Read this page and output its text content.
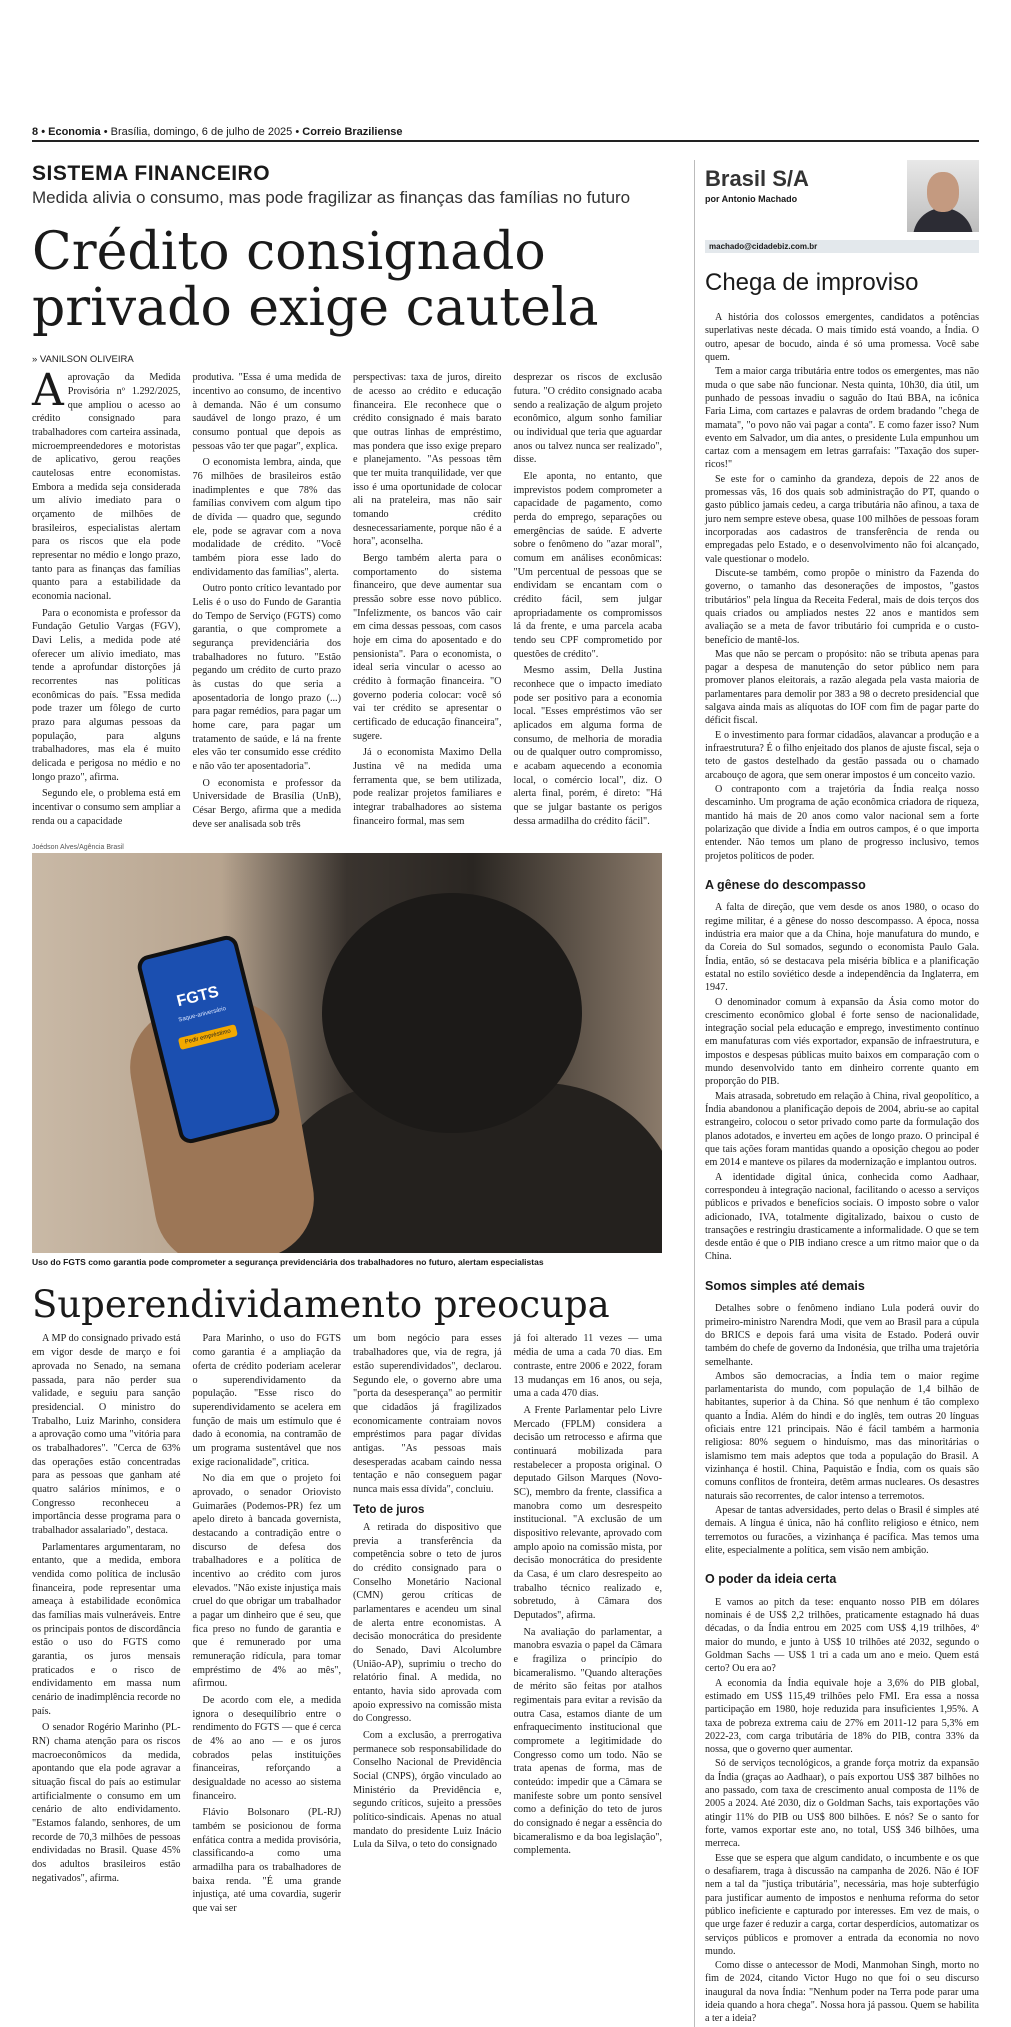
8 • Economia • Brasília, domingo, 6 de julho de 2025 • Correio Braziliense
SISTEMA FINANCEIRO
Medida alivia o consumo, mas pode fragilizar as finanças das famílias no futuro
Crédito consignado privado exige cautela
» VANILSON OLIVEIRA
A aprovação da Medida Provisória nº 1.292/2025, que ampliou o acesso ao crédito consignado para trabalhadores com carteira assinada, microempreendedores e motoristas de aplicativo, gerou reações cautelosas entre economistas. Embora a medida seja considerada um alívio imediato para o orçamento de milhões de brasileiros, especialistas alertam para os riscos que ela pode representar no médio e longo prazo, tanto para as finanças das famílias quanto para a estabilidade da economia nacional.

Para o economista e professor da Fundação Getulio Vargas (FGV), Davi Lelis, a medida pode até oferecer um alívio imediato, mas tende a aprofundar distorções já recorrentes nas políticas econômicas do país. "Essa medida pode trazer um fôlego de curto prazo para algumas pessoas da população, para alguns trabalhadores, mas ela é muito delicada e perigosa no médio e no longo prazo", afirma.

Segundo ele, o problema está em incentivar o consumo sem ampliar a renda ou a capacidade

produtiva. "Essa é uma medida de incentivo ao consumo, de incentivo à demanda. Não é um consumo saudável de longo prazo, é um consumo pontual que depois as pessoas vão ter que pagar", explica.

O economista lembra, ainda, que 76 milhões de brasileiros estão inadimplentes e que 78% das famílias convivem com algum tipo de dívida — quadro que, segundo ele, pode se agravar com a nova modalidade de crédito. "Você também piora esse lado do endividamento das famílias", alerta.

Outro ponto crítico levantado por Lelis é o uso do Fundo de Garantia do Tempo de Serviço (FGTS) como garantia, o que compromete a segurança previdenciária dos trabalhadores no futuro. "Estão pegando um crédito de curto prazo às custas do que seria a aposentadoria de longo prazo (...) para pagar remédios, para pagar um home care, para pagar um tratamento de saúde, e lá na frente eles vão ter consumido esse crédito e não vão ter aposentadoria".

O economista e professor da Universidade de Brasília (UnB), César Bergo, afirma que a medida deve ser analisada sob três

perspectivas: taxa de juros, direito de acesso ao crédito e educação financeira. Ele reconhece que o crédito consignado é mais barato que outras linhas de empréstimo, mas pondera que isso exige preparo e planejamento. "As pessoas têm que ter muita tranquilidade, ver que isso é uma oportunidade de colocar ali na prateleira, mas não sair tomando crédito desnecessariamente, porque não é a hora", aconselha.

Bergo também alerta para o comportamento do sistema financeiro, que deve aumentar sua pressão sobre esse novo público. "Infelizmente, os bancos vão cair em cima dessas pessoas, com casos hoje em cima do aposentado e do pensionista". Para o economista, o ideal seria vincular o acesso ao crédito à formação financeira. "O governo poderia colocar: você só vai ter crédito se apresentar o certificado de educação financeira", sugere.

Já o economista Maximo Della Justina vê na medida uma ferramenta que, se bem utilizada, pode realizar projetos familiares e integrar trabalhadores ao sistema financeiro formal, mas sem

desprezar os riscos de exclusão futura. "O crédito consignado acaba sendo a realização de algum projeto econômico, algum sonho familiar ou individual que teria que aguardar anos ou talvez nunca ser realizado", disse.

Ele aponta, no entanto, que imprevistos podem comprometer a capacidade de pagamento, como perda do emprego, separações ou emergências de saúde. E adverte sobre o fenômeno do "azar moral", comum em análises econômicas: "Um percentual de pessoas que se endividam se encantam com o crédito fácil, sem julgar apropriadamente os compromissos lá da frente, e uma parcela acaba tendo seu CPF comprometido por questões de crédito".

Mesmo assim, Della Justina reconhece que o impacto imediato pode ser positivo para a economia local. "Esses empréstimos vão ser aplicados em alguma forma de consumo, de melhoria de moradia ou de qualquer outro compromisso, e acabam aquecendo a economia local, o comércio local", diz. O alerta final, porém, é direto: "Há que se julgar bastante os perigos dessa armadilha do crédito fácil".

Joédson Alves/Agência Brasil
FGTS
Saque-aniversário
Pedir empréstimo
Uso do FGTS como garantia pode comprometer a segurança previdenciária dos trabalhadores no futuro, alertam especialistas
Superendividamento preocupa

A MP do consignado privado está em vigor desde de março e foi aprovada no Senado, na semana passada, para não perder sua validade, e seguiu para sanção presidencial. O ministro do Trabalho, Luiz Marinho, considera a aprovação como uma "vitória para os trabalhadores". "Cerca de 63% das operações estão concentradas para as pessoas que ganham até quatro salários mínimos, e o Congresso reconheceu a importância desse programa para o trabalhador assalariado", destaca.

Parlamentares argumentaram, no entanto, que a medida, embora vendida como política de inclusão financeira, pode representar uma ameaça à estabilidade econômica das famílias mais vulneráveis. Entre os principais pontos de discordância estão o uso do FGTS como garantia, os juros mensais praticados e o risco de endividamento em massa num cenário de inadimplência recorde no país.

O senador Rogério Marinho (PL-RN) chama atenção para os riscos macroeconômicos da medida, apontando que ela pode agravar a situação fiscal do país ao estimular artificialmente o consumo em um cenário de alto endividamento. "Estamos falando, senhores, de um recorde de 70,3 milhões de pessoas endividadas no Brasil. Quase 45% dos adultos brasileiros estão negativados", afirma.

Para Marinho, o uso do FGTS como garantia é a ampliação da oferta de crédito poderiam acelerar o superendividamento da população. "Esse risco do superendividamento se acelera em função de mais um estímulo que é dado à economia, na contramão de um programa sustentável que nos exige racionalidade", critica.

No dia em que o projeto foi aprovado, o senador Oriovisto Guimarães (Podemos-PR) fez um apelo direto à bancada governista, destacando a contradição entre o discurso de defesa dos trabalhadores e a política de incentivo ao crédito com juros elevados. "Não existe injustiça mais cruel do que obrigar um trabalhador a pagar um dinheiro que é seu, que fica preso no fundo de garantia e que é remunerado por uma remuneração ridícula, para tomar empréstimo de 4% ao mês", afirmou.

De acordo com ele, a medida ignora o desequilíbrio entre o rendimento do FGTS — que é cerca de 4% ao ano — e os juros cobrados pelas instituições financeiras, reforçando a desigualdade no acesso ao sistema financeiro.

Flávio Bolsonaro (PL-RJ) também se posicionou de forma enfática contra a medida provisória, classificando-a como uma armadilha para os trabalhadores de baixa renda. "É uma grande injustiça, até uma covardia, sugerir que vai ser

um bom negócio para esses trabalhadores que, via de regra, já estão superendividados", declarou. Segundo ele, o governo abre uma "porta da desesperança" ao permitir que cidadãos já fragilizados economicamente contraiam novos empréstimos para pagar dívidas antigas. "As pessoas mais desesperadas acabam caindo nessa tentação e não conseguem pagar nunca mais essa dívida", concluiu.

Teto de juros

A retirada do dispositivo que previa a transferência da competência sobre o teto de juros do crédito consignado para o Conselho Monetário Nacional (CMN) gerou críticas de parlamentares e acendeu um sinal de alerta entre economistas. A decisão monocrática do presidente do Senado, Davi Alcolumbre (União-AP), suprimiu o trecho do relatório final. A medida, no entanto, havia sido aprovada com apoio expressivo na comissão mista do Congresso.

Com a exclusão, a prerrogativa permanece sob responsabilidade do Conselho Nacional de Previdência Social (CNPS), órgão vinculado ao Ministério da Previdência e, segundo críticos, sujeito a pressões político-sindicais. Apenas no atual mandato do presidente Luiz Inácio Lula da Silva, o teto do consignado

já foi alterado 11 vezes — uma média de uma a cada 70 dias. Em contraste, entre 2006 e 2022, foram 13 mudanças em 16 anos, ou seja, uma a cada 470 dias.

A Frente Parlamentar pelo Livre Mercado (FPLM) considera a decisão um retrocesso e afirma que continuará mobilizada para restabelecer a proposta original. O deputado Gilson Marques (Novo-SC), membro da frente, classifica a manobra como um desrespeito institucional. "A exclusão de um dispositivo relevante, aprovado com amplo apoio na comissão mista, por decisão monocrática do presidente da Casa, é um claro desrespeito ao trabalho técnico realizado e, sobretudo, à Câmara dos Deputados", afirma.

Na avaliação do parlamentar, a manobra esvazia o papel da Câmara e fragiliza o princípio do bicameralismo. "Quando alterações de mérito são feitas por atalhos regimentais para evitar a revisão da outra Casa, estamos diante de um enfraquecimento institucional que compromete a legitimidade do Congresso como um todo. Não se trata apenas de forma, mas de conteúdo: impedir que a Câmara se manifeste sobre um ponto sensível como a definição do teto de juros do consignado é negar a essência do bicameralismo e da boa legislação", complementa.

Brasil S/A
por Antonio Machado
machado@cidadebiz.com.br
Chega de improviso

A história dos colossos emergentes, candidatos a potências superlativas neste década. O mais tímido está voando, a Índia. O outro, apesar de bocudo, ainda é só uma promessa. Você sabe quem.

Tem a maior carga tributária entre todos os emergentes, mas não muda o que sabe não funcionar. Nesta quinta, 10h30, dia útil, um punhado de pessoas invadiu o saguão do Itaú BBA, na icônica Faria Lima, com cartazes e palavras de ordem bradando "chega de mamata", "o povo não vai pagar a conta". E como fazer isso? Num evento em Salvador, um dia antes, o presidente Lula empunhou um cartaz com a mensagem em letras garrafais: "Taxação dos super-ricos!"

Se este for o caminho da grandeza, depois de 22 anos de promessas vãs, 16 dos quais sob administração do PT, quando o gasto público jamais cedeu, a carga tributária não afinou, a taxa de juro nem sempre esteve obesa, quase 100 milhões de pessoas foram incorporadas aos cadastros de transferência de renda ou empregadas pelo Estado, e o desenvolvimento não foi alcançado, vale questionar o modelo.

Discute-se também, como propõe o ministro da Fazenda do governo, o tamanho das desonerações de impostos, "gastos tributários" pela língua da Receita Federal, mais de dois terços dos quais criados ou ampliados nestes 22 anos e mantidos sem avaliação se a meta de favor tributário foi cumprida e o custo-benefício de mantê-los.

Mas que não se percam o propósito: não se tributa apenas para pagar a despesa de manutenção do setor público nem para promover planos eleitorais, a razão alegada pela vasta maioria de parlamentares para demolir por 383 a 98 o decreto presidencial que salgava ainda mais as alíquotas do IOF com fim de pagar parte do déficit fiscal.

E o investimento para formar cidadãos, alavancar a produção e a infraestrutura? É o filho enjeitado dos planos de ajuste fiscal, seja o teto de gastos destelhado da gestão passada ou o chamado arcabouço de agora, que sem onerar impostos é um conceito vazio.

O contraponto com a trajetória da Índia realça nosso descaminho. Um programa de ação econômica criadora de riqueza, mantido há mais de 20 anos como valor nacional sem a forte polarização que divide a Índia em outros campos, é o que importa entender. Não temos um plano de progresso inclusivo, temos projetos políticos de poder.

A gênese do descompasso

A falta de direção, que vem desde os anos 1980, o ocaso do regime militar, é a gênese do nosso descompasso. A época, nossa indústria era maior que a da China, hoje manufatura do mundo, e da Coreia do Sul somados, segundo o economista Paulo Gala. Índia, então, só se destacava pela miséria bíblica e a planificação estatal no estilo soviético desde a independência da Inglaterra, em 1947.

O denominador comum à expansão da Ásia como motor do crescimento econômico global é forte senso de nacionalidade, integração social pela educação e emprego, investimento contínuo em manufaturas com viés exportador, expansão de infraestrutura, e impostos e despesas públicas muito baixos em comparação com o mundo desenvolvido tanto em dinheiro corrente quanto em proporção do PIB.

Mais atrasada, sobretudo em relação à China, rival geopolítico, a Índia abandonou a planificação depois de 2004, abriu-se ao capital estrangeiro, colocou o setor privado como parte da formulação dos planos adotados, e inverteu em ações de longo prazo. O principal é que tais ações foram mantidas quando a oposição chegou ao poder em 2014 e manteve os pilares da modernização e implantou outros.

A identidade digital única, conhecida como Aadhaar, correspondeu à integração nacional, facilitando o acesso a serviços públicos e privados e benefícios sociais. O imposto sobre o valor adicionado, IVA, totalmente digitalizado, baixou o custo de transações e restringiu drasticamente a informalidade. O que se tem desde então é que o PIB indiano cresce a um ritmo maior que o da China.

Somos simples até demais

Detalhes sobre o fenômeno indiano Lula poderá ouvir do primeiro-ministro Narendra Modi, que vem ao Brasil para a cúpula do BRICS e depois fará uma visita de Estado. Poderá ouvir também do chefe de governo da Indonésia, que trilha uma trajetória semelhante.

Ambos são democracias, a Índia tem o maior regime parlamentarista do mundo, com população de 1,4 bilhão de habitantes, superior à da China. Só que nenhum é tão complexo quanto a Índia. Além do hindi e do inglês, tem outras 20 línguas oficiais entre 121 principais. Não é fácil também a harmonia religiosa: 80% seguem o hinduísmo, mas das minoritárias o islamismo tem mais adeptos que toda a população do Brasil. A vizinhança é hostil. China, Paquistão e Índia, com os quais são comuns conflitos de fronteira, detêm armas nucleares. Os desastres naturais são recorrentes, de calor intenso a terremotos.

Apesar de tantas adversidades, perto delas o Brasil é simples até demais. A língua é única, não há conflito religioso e étnico, nem terremotos ou furacões, a vizinhança é pacífica. Mas temos uma elite, especialmente a política, sem visão nem ambição.

O poder da ideia certa

E vamos ao pitch da tese: enquanto nosso PIB em dólares nominais é de US$ 2,2 trilhões, praticamente estagnado há duas décadas, o da Índia entrou em 2025 com US$ 4,19 trilhões, 4º maior do mundo, e junto à US$ 10 trilhões até 2032, segundo o Goldman Sachs — US$ 1 tri a cada um ano e meio. Quem está certo? Ou era ao?

A economia da Índia equivale hoje a 3,6% do PIB global, estimado em US$ 115,49 trilhões pelo FMI. Era essa a nossa participação em 1980, hoje reduzida para insuficientes 1,95%. A taxa de pobreza extrema caiu de 27% em 2011-12 para 5,3% em 2022-23, com carga tributária de 18% do PIB, contra 33% da nossa, que o governo quer aumentar.

Só de serviços tecnológicos, a grande força motriz da expansão da Índia (graças ao Aadhaar), o país exportou US$ 387 bilhões no ano passado, com taxa de crescimento anual composta de 11% de 2005 a 2024. Até 2030, diz o Goldman Sachs, tais exportações vão atingir 11% do PIB ou US$ 800 bilhões. E nós? Se o santo for forte, vamos exportar este ano, no total, US$ 346 bilhões, uma merreca.

Esse que se espera que algum candidato, o incumbente e os que o desafiarem, traga à discussão na campanha de 2026. Não é IOF nem a tal da "justiça tributária", necessária, mas hoje subterfúgio para justificar aumento de impostos e nenhuma reforma do setor público ineficiente e capturado por interesses. Em vez de mais, o que urge fazer é reduzir a carga, cortar desperdícios, automatizar os serviços públicos e promover a entrada da economia no novo mundo.

Como disse o antecessor de Modi, Manmohan Singh, morto no fim de 2024, citando Victor Hugo no que foi o seu discurso inaugural da nova Índia: "Nenhum poder na Terra pode parar uma ideia quando a hora chega". Nossa hora já passou. Quem se habilita a ter a ideia?
